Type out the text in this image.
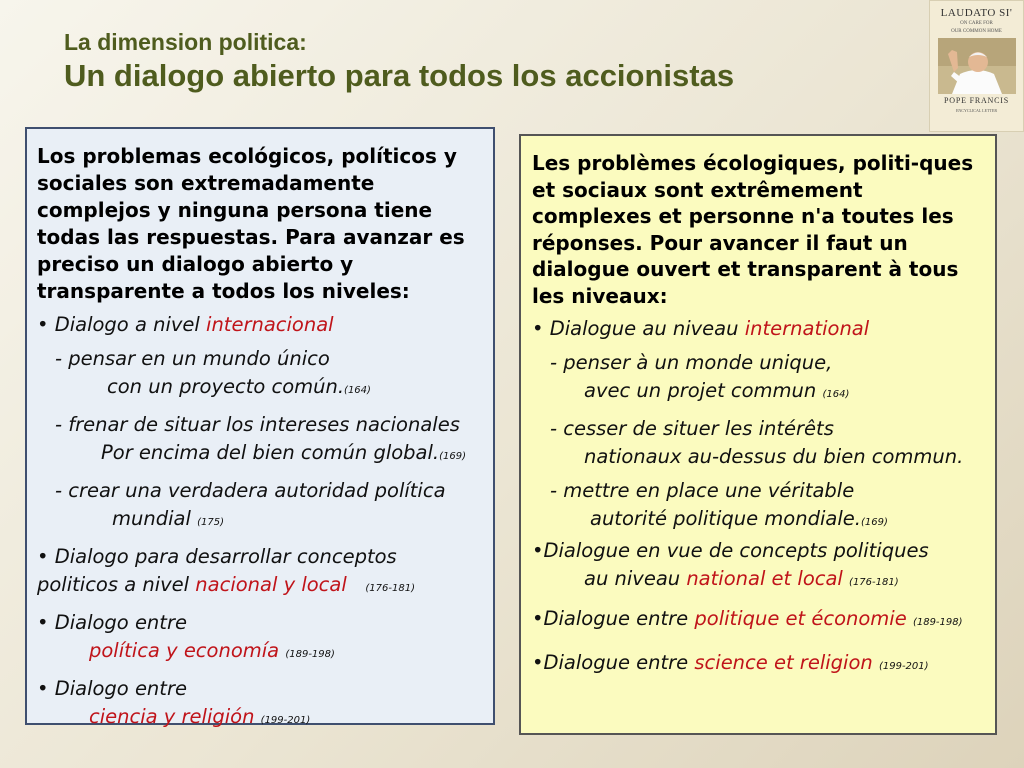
La dimension politica:
Un dialogo abierto para todos los accionistas
LAUDATO SI'
ON CARE FOR
OUR COMMON HOME
POPE FRANCIS
ENCYCLICAL LETTER

Los problemas ecológicos, políticos y sociales son extremadamente complejos y ninguna persona tiene todas las respuestas. Para avanzar es preciso un dialogo abierto y transparente a todos los niveles:

• Dialogo a nivel internacional
- pensar en un mundo único
con un proyecto común.(164)
- frenar de situar los intereses nacionales
Por encima del bien común global.(169)
- crear una verdadera autoridad política
mundial (175)
• Dialogo para desarrollar conceptos
politicos a nivel nacional y local (176-181)
• Dialogo entre
política y economía (189-198)
• Dialogo entre
ciencia y religión (199-201)

Les problèmes écologiques, politi-ques et sociaux sont extrêmement complexes et personne n'a toutes les réponses. Pour avancer il faut un dialogue ouvert et transparent à tous les niveaux:

• Dialogue au niveau international
- penser à un monde unique,
avec un projet commun (164)
- cesser de situer les intérêts
nationaux au-dessus du bien commun.
- mettre en place une véritable
autorité politique mondiale.(169)
•Dialogue en vue de concepts politiques
au niveau national et local (176-181)
•Dialogue entre politique et économie (189-198)
•Dialogue entre science et religion (199-201)
